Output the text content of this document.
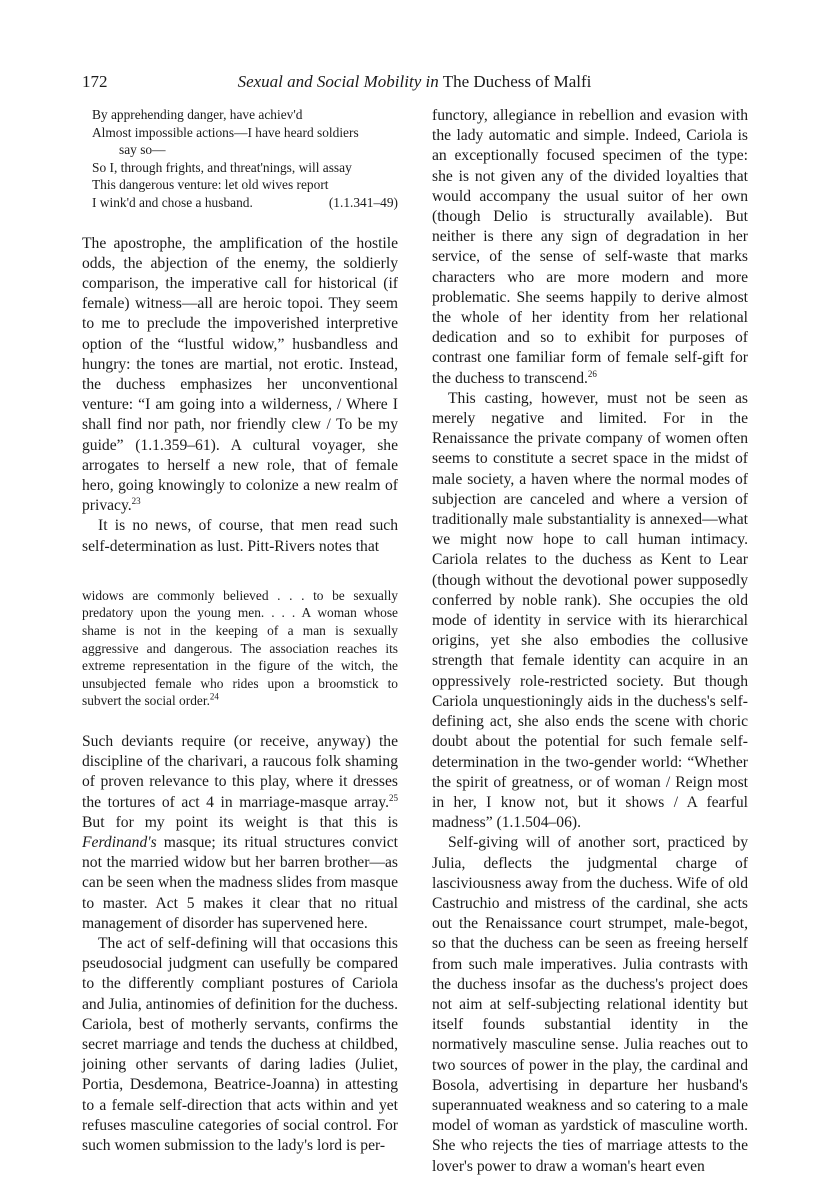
172	Sexual and Social Mobility in The Duchess of Malfi
By apprehending danger, have achiev'd
Almost impossible actions—I have heard soldiers
say so—
So I, through frights, and threat'nings, will assay
This dangerous venture: let old wives report
I wink'd and chose a husband.	(1.1.341–49)

The apostrophe, the amplification of the hostile odds, the abjection of the enemy, the soldierly comparison, the imperative call for historical (if female) witness—all are heroic topoi. They seem to me to preclude the impoverished interpretive option of the “lustful widow,” husbandless and hungry: the tones are martial, not erotic. Instead, the duchess emphasizes her unconventional venture: “I am going into a wilderness, / Where I shall find nor path, nor friendly clew / To be my guide” (1.1.359–61). A cultural voyager, she arrogates to herself a new role, that of female hero, going knowingly to colonize a new realm of privacy.$^{23}$

It is no news, of course, that men read such self-determination as lust. Pitt-Rivers notes that

widows are commonly believed . . . to be sexually predatory upon the young men. . . . A woman whose shame is not in the keeping of a man is sexually aggressive and dangerous. The association reaches its extreme representation in the figure of the witch, the unsubjected female who rides upon a broomstick to subvert the social order.$^{24}$

Such deviants require (or receive, anyway) the discipline of the charivari, a raucous folk shaming of proven relevance to this play, where it dresses the tortures of act 4 in marriage-masque array.$^{25}$ But for my point its weight is that this is Ferdinand's masque; its ritual structures convict not the married widow but her barren brother—as can be seen when the madness slides from masque to master. Act 5 makes it clear that no ritual management of disorder has supervened here.

The act of self-defining will that occasions this pseudosocial judgment can usefully be compared to the differently compliant postures of Cariola and Julia, antinomies of definition for the duchess. Cariola, best of motherly servants, confirms the secret marriage and tends the duchess at childbed, joining other servants of daring ladies (Juliet, Portia, Desdemona, Beatrice-Joanna) in attesting to a female self-direction that acts within and yet refuses masculine categories of social control. For such women submission to the lady's lord is per-

functory, allegiance in rebellion and evasion with the lady automatic and simple. Indeed, Cariola is an exceptionally focused specimen of the type: she is not given any of the divided loyalties that would accompany the usual suitor of her own (though Delio is structurally available). But neither is there any sign of degradation in her service, of the sense of self-waste that marks characters who are more modern and more problematic. She seems happily to derive almost the whole of her identity from her relational dedication and so to exhibit for purposes of contrast one familiar form of female self-gift for the duchess to transcend.$^{26}$

This casting, however, must not be seen as merely negative and limited. For in the Renaissance the private company of women often seems to constitute a secret space in the midst of male society, a haven where the normal modes of subjection are canceled and where a version of traditionally male substantiality is annexed—what we might now hope to call human intimacy. Cariola relates to the duchess as Kent to Lear (though without the devotional power supposedly conferred by noble rank). She occupies the old mode of identity in service with its hierarchical origins, yet she also embodies the collusive strength that female identity can acquire in an oppressively role-restricted society. But though Cariola unquestioningly aids in the duchess's self-defining act, she also ends the scene with choric doubt about the potential for such female self-determination in the two-gender world: “Whether the spirit of greatness, or of woman / Reign most in her, I know not, but it shows / A fearful madness” (1.1.504–06).

Self-giving will of another sort, practiced by Julia, deflects the judgmental charge of lasciviousness away from the duchess. Wife of old Castruchio and mistress of the cardinal, she acts out the Renaissance court strumpet, male-begot, so that the duchess can be seen as freeing herself from such male imperatives. Julia contrasts with the duchess insofar as the duchess's project does not aim at self-subjecting relational identity but itself founds substantial identity in the normatively masculine sense. Julia reaches out to two sources of power in the play, the cardinal and Bosola, advertising in departure her husband's superannuated weakness and so catering to a male model of woman as yardstick of masculine worth. She who rejects the ties of marriage attests to the lover's power to draw a woman's heart even
